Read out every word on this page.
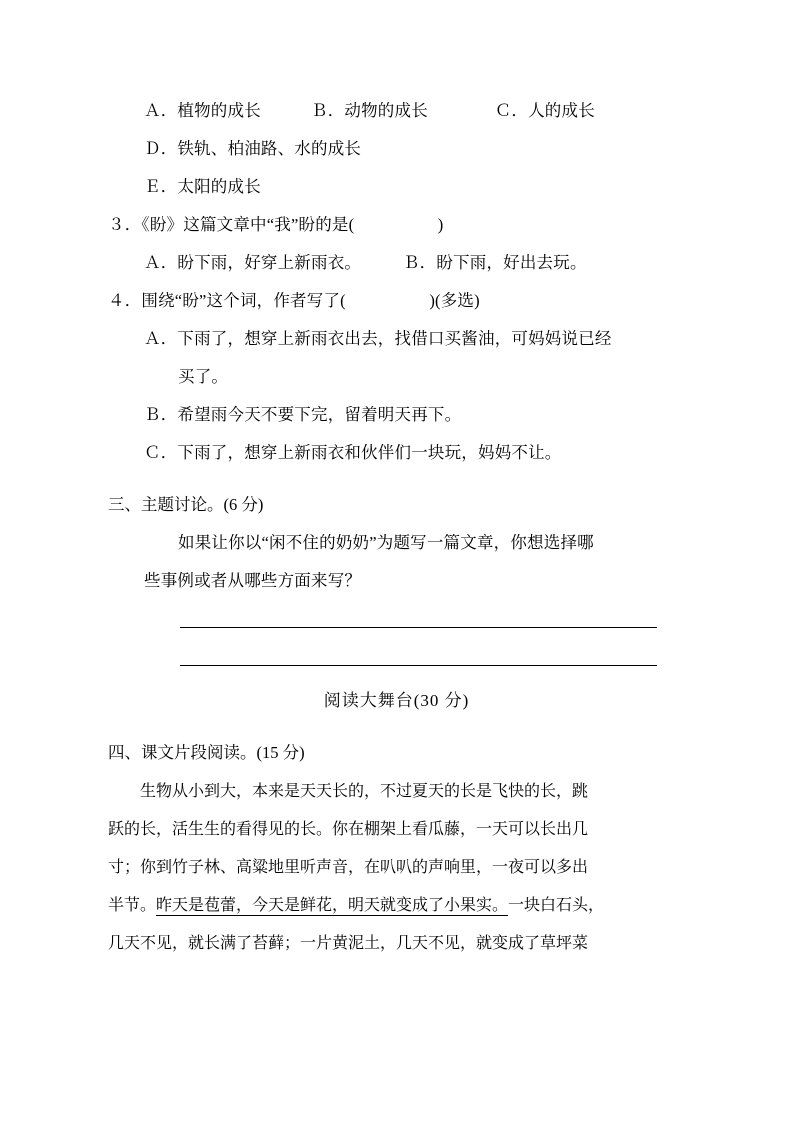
Ａ．植物的成长　　　Ｂ．动物的成长　　　　Ｃ．人的成长
Ｄ．铁轨、柏油路、水的成长
Ｅ．太阳的成长
３．《盼》这篇文章中“我”盼的是(　　　　　)
Ａ．盼下雨，好穿上新雨衣。　　　Ｂ．盼下雨，好出去玩。
４．围绕“盼”这个词，作者写了(　　　　　)(多选)
Ａ．下雨了，想穿上新雨衣出去，找借口买酱油，可妈妈说已经
买了。
Ｂ．希望雨今天不要下完，留着明天再下。
Ｃ．下雨了，想穿上新雨衣和伙伴们一块玩，妈妈不让。
三、主题讨论。(6 分)
如果让你以“闲不住的奶奶”为题写一篇文章，你想选择哪
些事例或者从哪些方面来写？
阅读大舞台(30 分)
四、课文片段阅读。(15 分)

生物从小到大，本来是天天长的，不过夏天的长是飞快的长，跳

跃的长，活生生的看得见的长。你在棚架上看瓜藤，一天可以长出几

寸；你到竹子林、高粱地里听声音，在叭叭的声响里，一夜可以多出

半节。昨天是苞蕾，今天是鲜花，明天就变成了小果实。一块白石头，

几天不见，就长满了苔藓；一片黄泥土，几天不见，就变成了草坪菜
